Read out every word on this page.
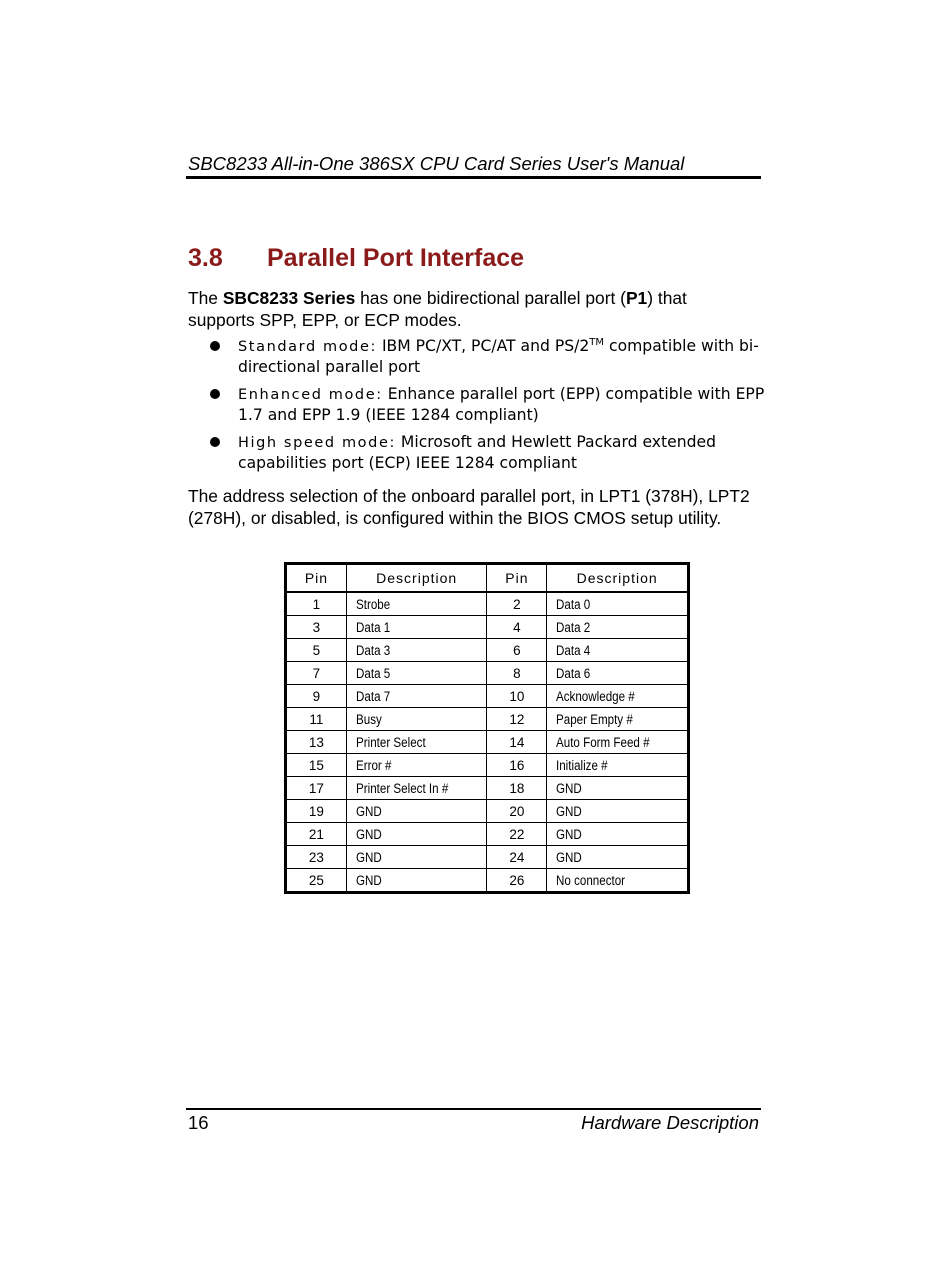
SBC8233 All-in-One 386SX CPU Card Series User's Manual
3.8 Parallel Port Interface
The SBC8233 Series has one bidirectional parallel port (P1) that supports SPP, EPP, or ECP modes.
Standard mode: IBM PC/XT, PC/AT and PS/2™ compatible with bi-directional parallel port
Enhanced mode: Enhance parallel port (EPP) compatible with EPP 1.7 and EPP 1.9 (IEEE 1284 compliant)
High speed mode: Microsoft and Hewlett Packard extended capabilities port (ECP) IEEE 1284 compliant
The address selection of the onboard parallel port, in LPT1 (378H), LPT2 (278H), or disabled, is configured within the BIOS CMOS setup utility.
Pin	Description	Pin	Description
1	Strobe	2	Data 0
3	Data 1	4	Data 2
5	Data 3	6	Data 4
7	Data 5	8	Data 6
9	Data 7	10	Acknowledge #
11	Busy	12	Paper Empty #
13	Printer Select	14	Auto Form Feed #
15	Error #	16	Initialize #
17	Printer Select In #	18	GND
19	GND	20	GND
21	GND	22	GND
23	GND	24	GND
25	GND	26	No connector
16	Hardware Description
